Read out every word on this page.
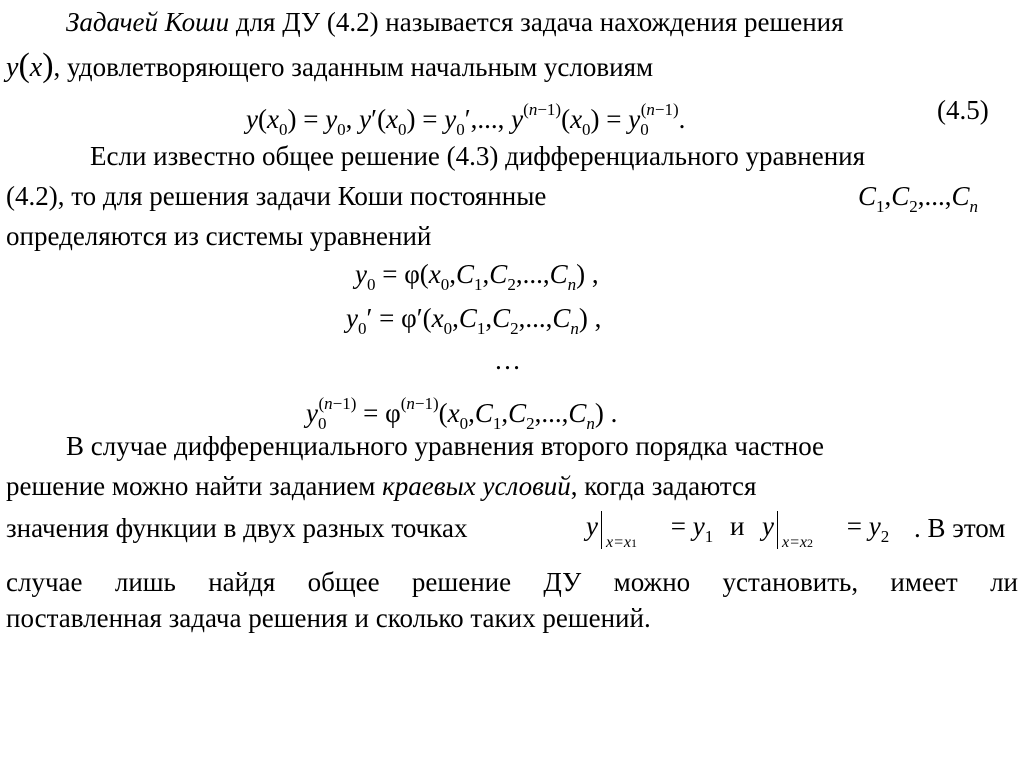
Задачей Коши для ДУ (4.2) называется задача нахождения решения
y(x), удовлетворяющего заданным начальным условиям
$y(x_0) = y_0$, $y'(x_0) = y_0'$,..., $y^{(n-1)}(x_0) = y_0^{(n-1)}$.	(4.5)
Если известно общее решение (4.3) дифференциального уравнения
(4.2), то для решения задачи Коши постоянные	$C_1,C_2,...,C_n$
определяются из системы уравнений
$y_0 = \varphi(x_0,C_1,C_2,...,C_n)$ ,
$y_0' = \varphi'(x_0,C_1,C_2,...,C_n)$ ,
…
$y_0^{(n-1)} = \varphi^{(n-1)}(x_0,C_1,C_2,...,C_n)$ .
В случае дифференциального уравнения второго порядка частное
решение можно найти заданием краевых условий, когда задаются
значения функции в двух разных точках	y
x=x1
= $y_1$ и y
x=x2
= $y_2$ . В этом
случае лишь найдя общее решение ДУ можно установить, имеет ли
поставленная задача решения и сколько таких решений.
